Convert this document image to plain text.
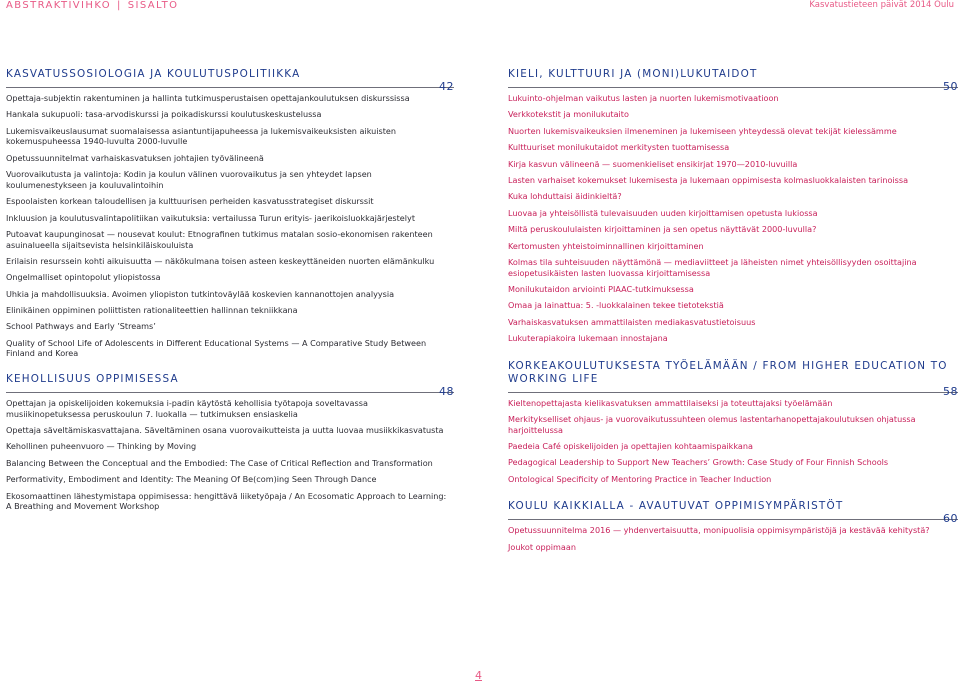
ABSTRAKTIVIHKO | SISÄLTÖ	Kasvatustieteen päivät 2014 Oulu
KASVATUSSOSIOLOGIA JA KOULUTUSPOLITIIKKA
42
Opettaja-subjektin rakentuminen ja hallinta tutkimusperustaisen opettajankoulutuksen diskurssissa
Hankala sukupuoli: tasa-arvodiskurssi ja poikadiskurssi koulutuskeskustelussa
Lukemisvaikeuslausumat suomalaisessa asiantuntijapuheessa ja lukemisvaikeuksisten aikuisten kokemuspuheessa 1940-luvulta 2000-luvulle
Opetussuunnitelmat varhaiskasvatuksen johtajien työvälineenä
Vuorovaikutusta ja valintoja: Kodin ja koulun välinen vuorovaikutus ja sen yhteydet lapsen koulumenestykseen ja kouluvalintoihin
Espoolaisten korkean taloudellisen ja kulttuurisen perheiden kasvatusstrategiset diskurssit
Inkluusion ja koulutusvalintapolitiikan vaikutuksia: vertailussa Turun erityis- jaerikoisluokkajärjestelyt
Putoavat kaupunginosat — nousevat koulut: Etnografinen tutkimus matalan sosio-ekonomisen rakenteen asuinalueella sijaitsevista helsinkiläiskouluista
Erilaisin resurssein kohti aikuisuutta — näkökulmana toisen asteen keskeyttäneiden nuorten elämänkulku
Ongelmalliset opintopolut yliopistossa
Uhkia ja mahdollisuuksia. Avoimen yliopiston tutkintoväylää koskevien kannanottojen analyysia
Elinikäinen oppiminen poliittisten rationaliteettien hallinnan tekniikkana
School Pathways and Early ’Streams’
Quality of School Life of Adolescents in Different Educational Systems — A Comparative Study Between Finland and Korea
KEHOLLISUUS OPPIMISESSA
48
Opettajan ja opiskelijoiden kokemuksia i-padin käytöstä kehollisia työtapoja soveltavassa musiikinopetuksessa peruskoulun 7. luokalla — tutkimuksen ensiaskelia
Opettaja säveltämiskasvattajana. Säveltäminen osana vuorovaikutteista ja uutta luovaa musiikkikasvatusta
Kehollinen puheenvuoro — Thinking by Moving
Balancing Between the Conceptual and the Embodied: The Case of Critical Reflection and Transformation
Performativity, Embodiment and Identity: The Meaning Of Be(com)ing Seen Through Dance
Ekosomaattinen lähestymistapa oppimisessa: hengittävä liiketyöpaja / An Ecosomatic Approach to Learning: A Breathing and Movement Workshop
KIELI, KULTTUURI JA (MONI)LUKUTAIDOT
50
Lukuinto-ohjelman vaikutus lasten ja nuorten lukemismotivaatioon
Verkkotekstit ja monilukutaito
Nuorten lukemisvaikeuksien ilmeneminen ja lukemiseen yhteydessä olevat tekijät kielessämme
Kulttuuriset monilukutaidot merkitysten tuottamisessa
Kirja kasvun välineenä — suomenkieliset ensikirjat 1970—2010-luvuilla
Lasten varhaiset kokemukset lukemisesta ja lukemaan oppimisesta kolmasluokkalaisten tarinoissa
Kuka lohduttaisi äidinkieltä?
Luovaa ja yhteisöllistä tulevaisuuden uuden kirjoittamisen opetusta lukiossa
Miltä peruskoululaisten kirjoittaminen ja sen opetus näyttävät 2000-luvulla?
Kertomusten yhteistoiminnallinen kirjoittaminen
Kolmas tila suhteisuuden näyttämönä — mediaviitteet ja läheisten nimet yhteisöllisyyden osoittajina esiopetusikäisten lasten luovassa kirjoittamisessa
Monilukutaidon arviointi PIAAC-tutkimuksessa
Omaa ja lainattua: 5. -luokkalainen tekee tietotekstiä
Varhaiskasvatuksen ammattilaisten mediakasvatustietoisuus
Lukuterapiakoira lukemaan innostajana
KORKEAKOULUTUKSESTA TYÖELÄMÄÄN / FROM HIGHER EDUCATION TO WORKING LIFE
58
Kieltenopettajasta kielikasvatuksen ammattilaiseksi ja toteuttajaksi työelämään
Merkitykselliset ohjaus- ja vuorovaikutussuhteen olemus lastentarhanopettajakoulutuksen ohjatussa harjoittelussa
Paedeia Café opiskelijoiden ja opettajien kohtaamispaikkana
Pedagogical Leadership to Support New Teachers’ Growth: Case Study of Four Finnish Schools
Ontological Specificity of Mentoring Practice in Teacher Induction
KOULU KAIKKIALLA - AVAUTUVAT OPPIMISYMPÄRISTÖT
60
Opetussuunnitelma 2016 — yhdenvertaisuutta, monipuolisia oppimisympäristöjä ja kestävää kehitystä?
Joukot oppimaan
4
